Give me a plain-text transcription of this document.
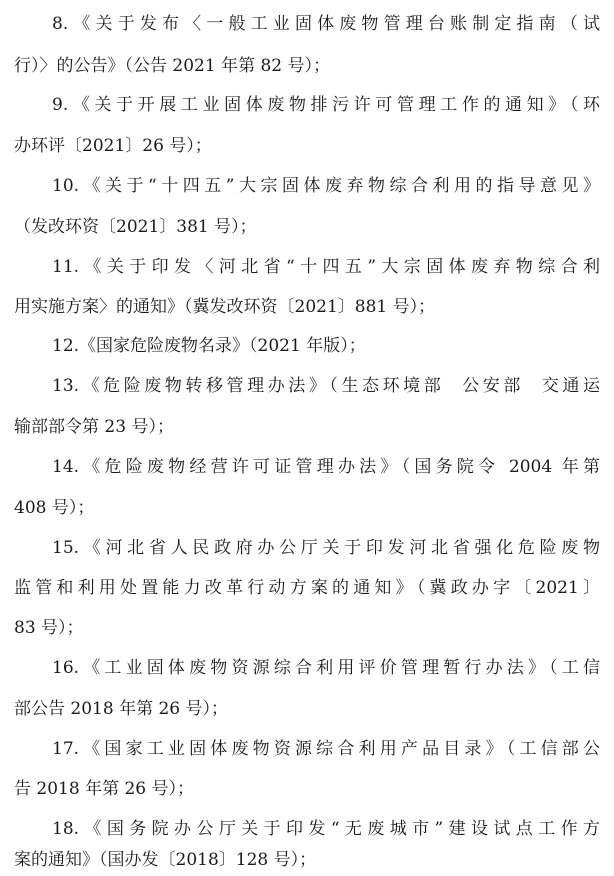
8.《关于发布〈一般工业固体废物管理台账制定指南（试
行）〉的公告》（公告 2021 年第 82 号）；
9.《关于开展工业固体废物排污许可管理工作的通知》（环
办环评〔2021〕26 号）；
10.《关于“十四五”大宗固体废弃物综合利用的指导意见》
（发改环资〔2021〕381 号）；
11.《关于印发〈河北省“十四五”大宗固体废弃物综合利
用实施方案〉的通知》（冀发改环资〔2021〕881 号）；
12.《国家危险废物名录》（2021 年版）；
13.《危险废物转移管理办法》（生态环境部  公安部  交通运
输部部令第 23 号）；
14.《危险废物经营许可证管理办法》（国务院令 2004 年第
408 号）；
15.《河北省人民政府办公厅关于印发河北省强化危险废物
监管和利用处置能力改革行动方案的通知》（冀政办字〔2021〕
83 号）；
16.《工业固体废物资源综合利用评价管理暂行办法》（工信
部公告 2018 年第 26 号）；
17.《国家工业固体废物资源综合利用产品目录》（工信部公
告 2018 年第 26 号）；
18.《国务院办公厅关于印发“无废城市”建设试点工作方
案的通知》（国办发〔2018〕128 号）；
